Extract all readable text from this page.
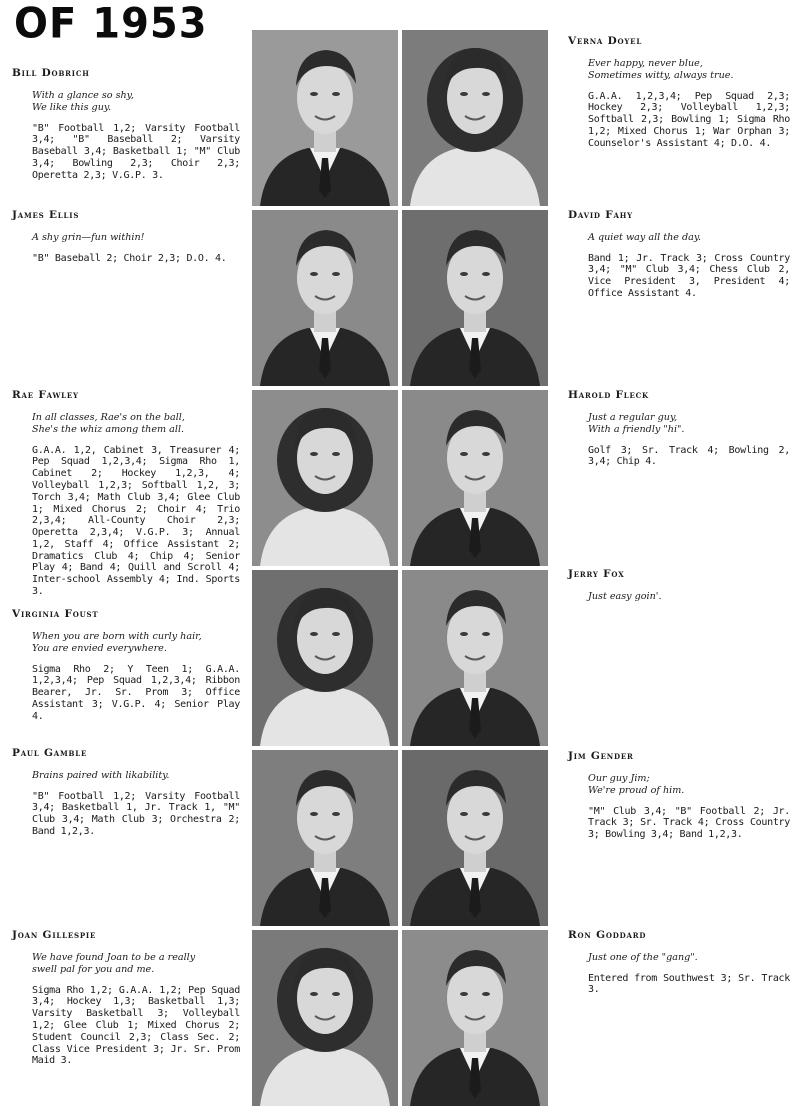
OF 1953
Bill Dobrich
With a glance so shy,
We like this guy.
"B" Football 1,2; Varsity Football 3,4; "B" Baseball 2; Varsity Baseball 3,4; Basketball 1; "M" Club 3,4; Bowling 2,3; Choir 2,3; Operetta 2,3; V.G.P. 3.
James Ellis
A shy grin—fun within!
"B" Baseball 2; Choir 2,3; D.O. 4.
Rae Fawley
In all classes, Rae's on the ball,
She's the whiz among them all.
G.A.A. 1,2, Cabinet 3, Treasurer 4; Pep Squad 1,2,3,4; Sigma Rho 1, Cabinet 2; Hockey 1,2,3, 4; Volleyball 1,2,3; Softball 1,2, 3; Torch 3,4; Math Club 3,4; Glee Club 1; Mixed Chorus 2; Choir 4; Trio 2,3,4; All-County Choir 2,3; Operetta 2,3,4; V.G.P. 3; Annual 1,2, Staff 4; Office Assistant 2; Dramatics Club 4; Chip 4; Senior Play 4; Band 4; Quill and Scroll 4; Inter-school Assembly 4; Ind. Sports 3.
Virginia Foust
When you are born with curly hair,
You are envied everywhere.
Sigma Rho 2; Y Teen 1; G.A.A. 1,2,3,4; Pep Squad 1,2,3,4; Ribbon Bearer, Jr. Sr. Prom 3; Office Assistant 3; V.G.P. 4; Senior Play 4.
Paul Gamble
Brains paired with likability.
"B" Football 1,2; Varsity Football 3,4; Basketball 1, Jr. Track 1, "M" Club 3,4; Math Club 3; Orchestra 2; Band 1,2,3.
Joan Gillespie
We have found Joan to be a really
swell pal for you and me.
Sigma Rho 1,2; G.A.A. 1,2; Pep Squad 3,4; Hockey 1,3; Basketball 1,3; Varsity Basketball 3; Volleyball 1,2; Glee Club 1; Mixed Chorus 2; Student Council 2,3; Class Sec. 2; Class Vice President 3; Jr. Sr. Prom Maid 3.
Verna Doyel
Ever happy, never blue,
Sometimes witty, always true.
G.A.A. 1,2,3,4; Pep Squad 2,3; Hockey 2,3; Volleyball 1,2,3; Softball 2,3; Bowling 1; Sigma Rho 1,2; Mixed Chorus 1; War Orphan 3; Counselor's Assistant 4; D.O. 4.
David Fahy
A quiet way all the day.
Band 1; Jr. Track 3; Cross Country 3,4; "M" Club 3,4; Chess Club 2, Vice President 3, President 4; Office Assistant 4.
Harold Fleck
Just a regular guy,
With a friendly "hi".
Golf 3; Sr. Track 4; Bowling 2, 3,4; Chip 4.
Jerry Fox
Just easy goin'.
Jim Gender
Our guy Jim;
We're proud of him.
"M" Club 3,4; "B" Football 2; Jr. Track 3; Sr. Track 4; Cross Country 3; Bowling 3,4; Band 1,2,3.
Ron Goddard
Just one of the "gang".
Entered from Southwest 3; Sr. Track 3.
